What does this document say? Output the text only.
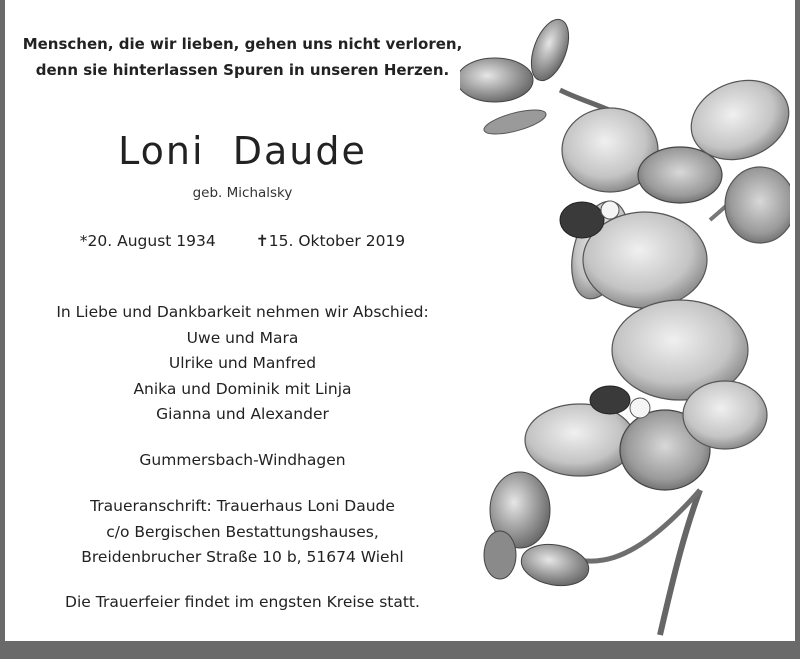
Menschen, die wir lieben, gehen uns nicht verloren,
denn sie hinterlassen Spuren in unseren Herzen.
Loni  Daude
geb. Michalsky
*20. August 1934	✝15. Oktober 2019
In Liebe und Dankbarkeit nehmen wir Abschied:
Uwe und Mara
Ulrike und Manfred
Anika und Dominik mit Linja
Gianna und Alexander
Gummersbach-Windhagen
Traueranschrift: Trauerhaus Loni Daude
c/o Bergischen Bestattungshauses,
Breidenbrucher Straße 10 b, 51674 Wiehl
Die Trauerfeier findet im engsten Kreise statt.
